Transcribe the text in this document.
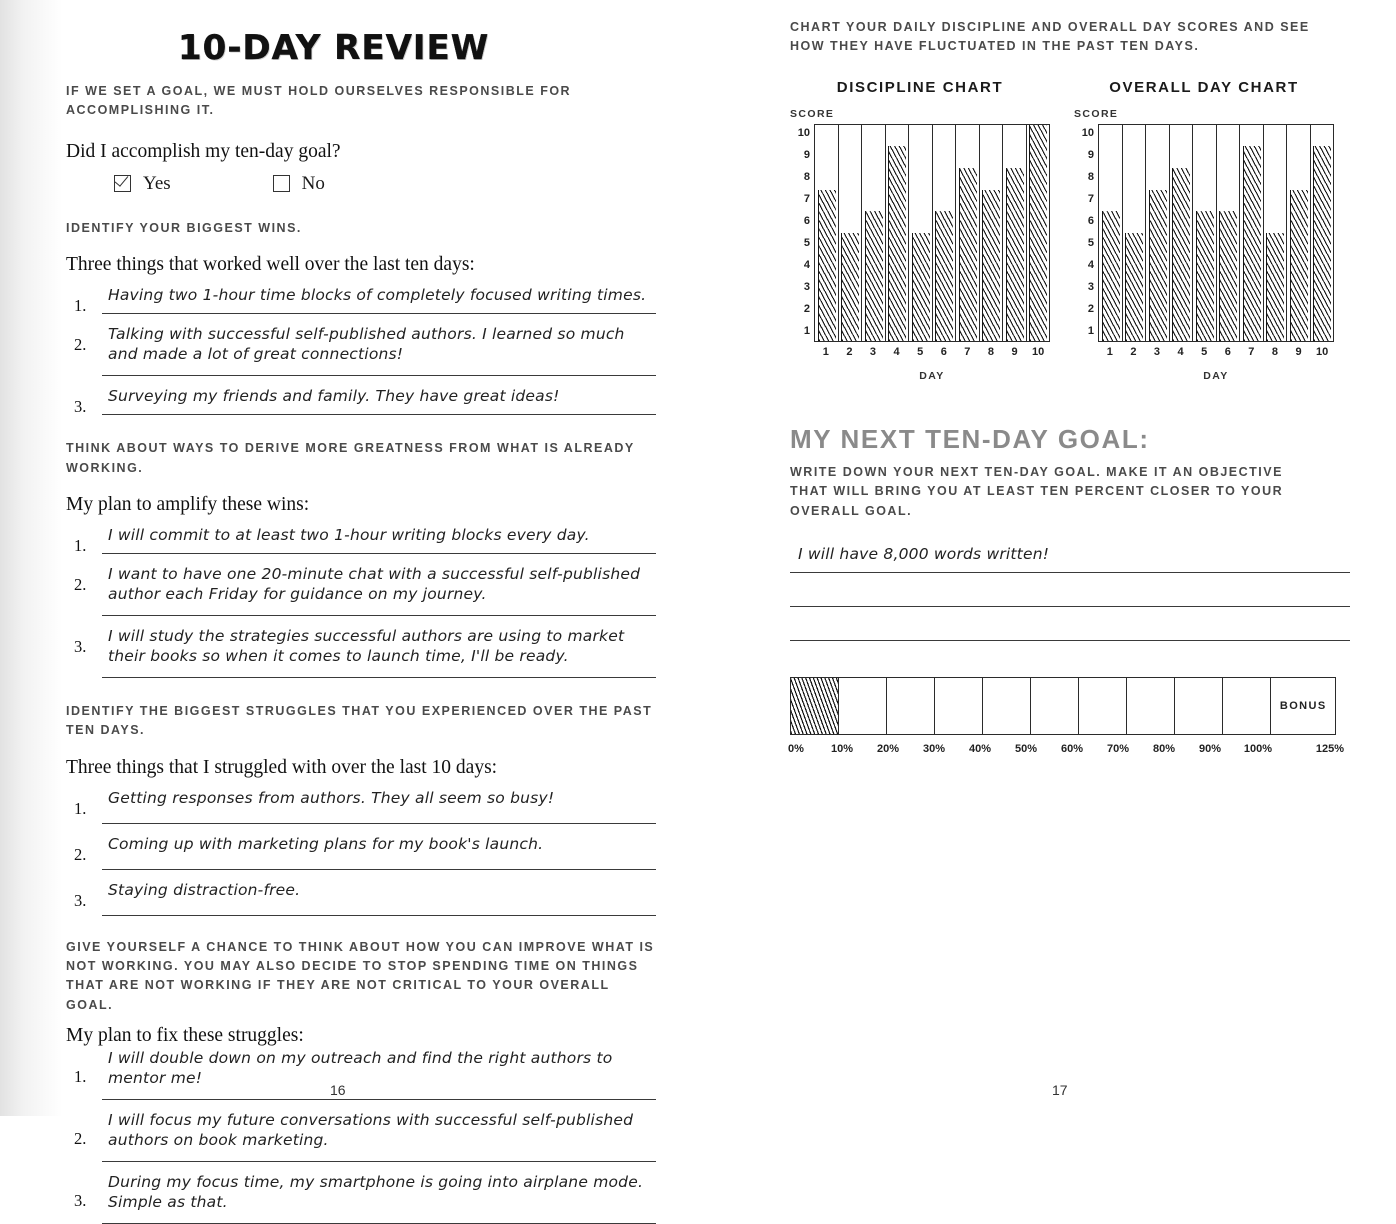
10-DAY REVIEW
IF WE SET A GOAL, WE MUST HOLD OURSELVES RESPONSIBLE FOR ACCOMPLISHING IT.
Did I accomplish my ten-day goal?
Yes	No
IDENTIFY YOUR BIGGEST WINS.
Three things that worked well over the last ten days:
1.
Having two 1-hour time blocks of completely focused writing times.
2.
Talking with successful self-published authors. I learned so much and made a lot of great connections!
3.
Surveying my friends and family. They have great ideas!
THINK ABOUT WAYS TO DERIVE MORE GREATNESS FROM WHAT IS ALREADY WORKING.
My plan to amplify these wins:
1.
I will commit to at least two 1-hour writing blocks every day.
2.
I want to have one 20-minute chat with a successful self-published author each Friday for guidance on my journey.
3.
I will study the strategies successful authors are using to market their books so when it comes to launch time, I'll be ready.
IDENTIFY THE BIGGEST STRUGGLES THAT YOU EXPERIENCED OVER THE PAST TEN DAYS.
Three things that I struggled with over the last 10 days:
1.
Getting responses from authors. They all seem so busy!
2.
Coming up with marketing plans for my book's launch.
3.
Staying distraction-free.
GIVE YOURSELF A CHANCE TO THINK ABOUT HOW YOU CAN IMPROVE WHAT IS NOT WORKING. YOU MAY ALSO DECIDE TO STOP SPENDING TIME ON THINGS THAT ARE NOT WORKING IF THEY ARE NOT CRITICAL TO YOUR OVERALL GOAL.
My plan to fix these struggles:
1.
I will double down on my outreach and find the right authors to mentor me!
2.
I will focus my future conversations with successful self-published authors on book marketing.
3.
During my focus time, my smartphone is going into airplane mode. Simple as that.
16
CHART YOUR DAILY DISCIPLINE AND OVERALL DAY SCORES AND SEE HOW THEY HAVE FLUCTUATED IN THE PAST TEN DAYS.
DISCIPLINE CHART
SCORE
10
9
8
7
6
5
4
3
2
1
1	2	3	4	5	6	7	8	9	10
DAY
OVERALL DAY CHART
SCORE
10
9
8
7
6
5
4
3
2
1
1	2	3	4	5	6	7	8	9	10
DAY
MY NEXT TEN-DAY GOAL:
WRITE DOWN YOUR NEXT TEN-DAY GOAL. MAKE IT AN OBJECTIVE THAT WILL BRING YOU AT LEAST TEN PERCENT CLOSER TO YOUR OVERALL GOAL.
I will have 8,000 words written!
BONUS
0% 10% 20% 30% 40% 50% 60% 70% 80% 90% 100%	125%
17
